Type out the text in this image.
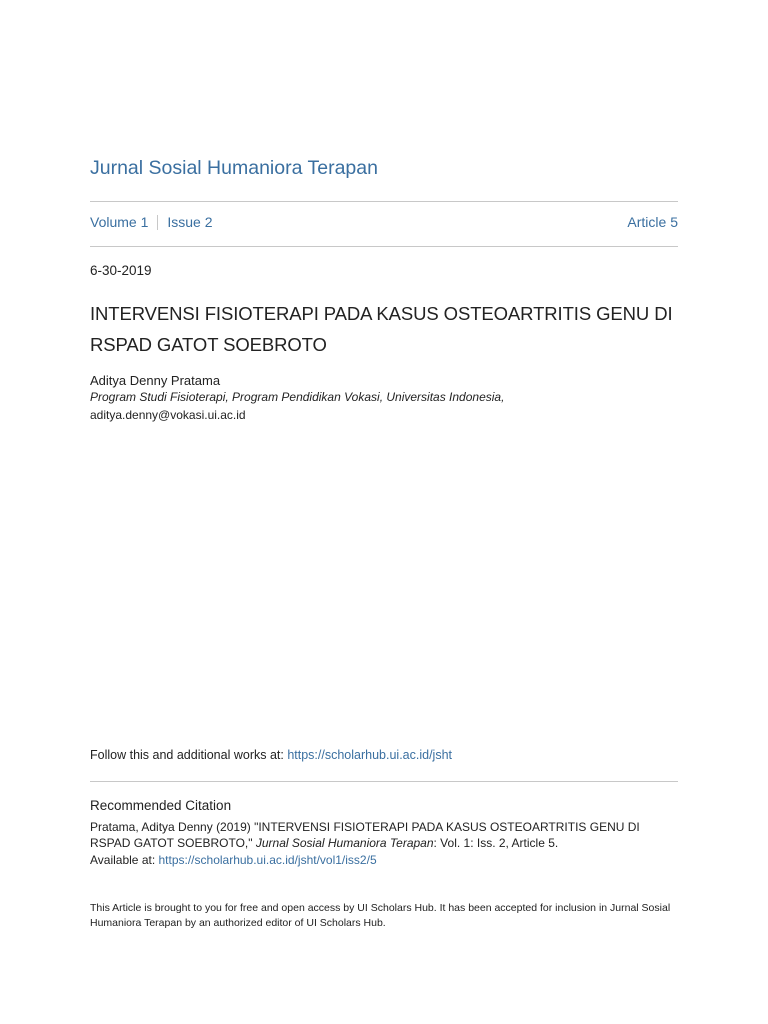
Jurnal Sosial Humaniora Terapan
Volume 1 Issue 2	Article 5
6-30-2019
INTERVENSI FISIOTERAPI PADA KASUS OSTEOARTRITIS GENU DI RSPAD GATOT SOEBROTO
Aditya Denny Pratama
Program Studi Fisioterapi, Program Pendidikan Vokasi, Universitas Indonesia,
aditya.denny@vokasi.ui.ac.id
Follow this and additional works at: https://scholarhub.ui.ac.id/jsht
Recommended Citation
Pratama, Aditya Denny (2019) "INTERVENSI FISIOTERAPI PADA KASUS OSTEOARTRITIS GENU DI RSPAD GATOT SOEBROTO," Jurnal Sosial Humaniora Terapan: Vol. 1: Iss. 2, Article 5.
Available at: https://scholarhub.ui.ac.id/jsht/vol1/iss2/5
This Article is brought to you for free and open access by UI Scholars Hub. It has been accepted for inclusion in Jurnal Sosial Humaniora Terapan by an authorized editor of UI Scholars Hub.
